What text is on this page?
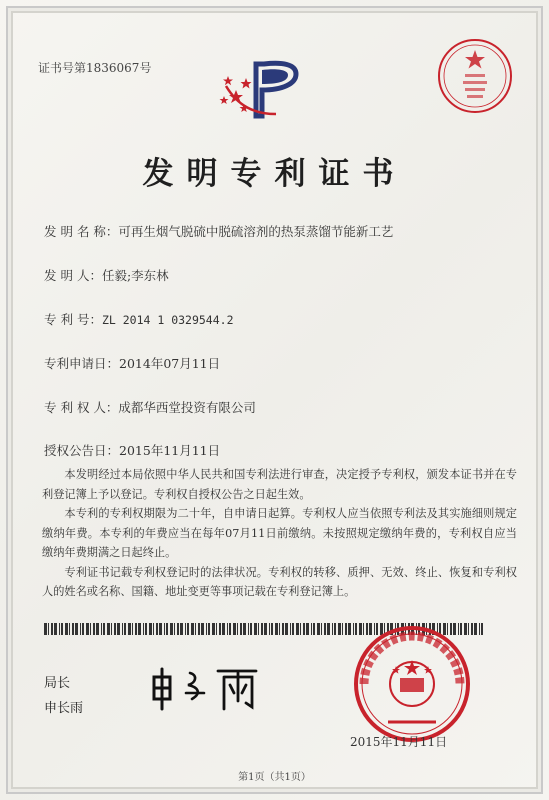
证书号第1836067号
发明专利证书
发 明 名 称：可再生烟气脱硫中脱硫溶剂的热泵蒸馏节能新工艺
发 明 人：任毅;李东林
专 利 号：ZL 2014 1 0329544.2
专利申请日：2014年07月11日
专 利 权 人：成都华西堂投资有限公司
授权公告日：2015年11月11日

本发明经过本局依照中华人民共和国专利法进行审查，决定授予专利权，颁发本证书并在专利登记簿上予以登记。专利权自授权公告之日起生效。

本专利的专利权期限为二十年，自申请日起算。专利权人应当依照专利法及其实施细则规定缴纳年费。本专利的年费应当在每年07月11日前缴纳。未按照规定缴纳年费的，专利权自应当缴纳年费期满之日起终止。

专利证书记载专利权登记时的法律状况。专利权的转移、质押、无效、终止、恢复和专利权人的姓名或名称、国籍、地址变更等事项记载在专利登记簿上。

局长
申长雨
2015年11月11日
第1页（共1页）
